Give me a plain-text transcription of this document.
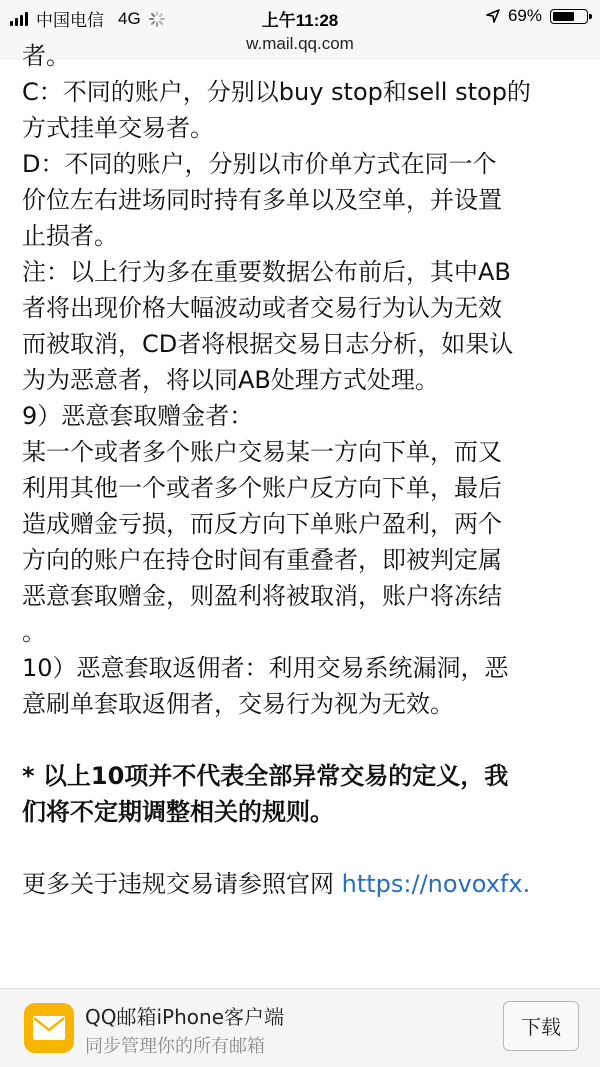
中国电信 4G	上午11:28	69%
w.mail.qq.com

者。

C：不同的账户，分别以buy stop和sell stop的

方式挂单交易者。

D：不同的账户，分别以市价单方式在同一个

价位左右进场同时持有多单以及空单，并设置

止损者。

注：以上行为多在重要数据公布前后，其中AB

者将出现价格大幅波动或者交易行为认为无效

而被取消，CD者将根据交易日志分析，如果认

为为恶意者，将以同AB处理方式处理。

9）恶意套取赠金者：

某一个或者多个账户交易某一方向下单，而又

利用其他一个或者多个账户反方向下单，最后

造成赠金亏损，而反方向下单账户盈利，两个

方向的账户在持仓时间有重叠者，即被判定属

恶意套取赠金，则盈利将被取消，账户将冻结

。

10）恶意套取返佣者：利用交易系统漏洞，恶

意刷单套取返佣者，交易行为视为无效。

* 以上10项并不代表全部异常交易的定义，我

们将不定期调整相关的规则。

更多关于违规交易请参照官网 https://novoxfx.

QQ邮箱iPhone客户端
同步管理你的所有邮箱
下载
